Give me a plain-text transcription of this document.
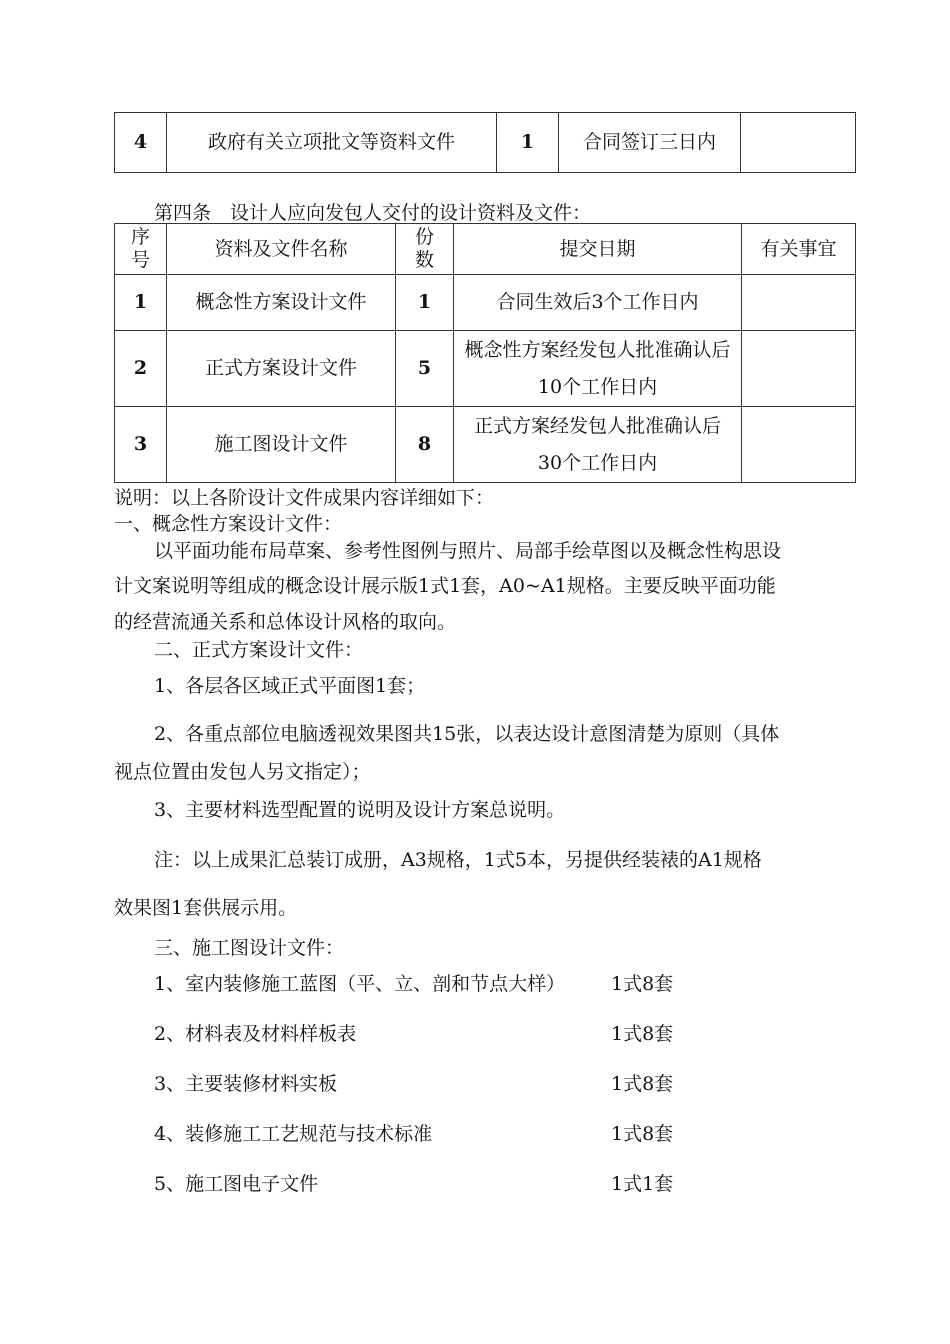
4	政府有关立项批文等资料文件	1	合同签订三日内	
第四条　设计人应向发包人交付的设计资料及文件：
序号	资料及文件名称	份数	提交日期	有关事宜
1	概念性方案设计文件	1	合同生效后3个工作日内	
2	正式方案设计文件	5	概念性方案经发包人批准确认后10个工作日内	

3	施工图设计文件	8	正式方案经发包人批准确认后30个工作日内	

说明：以上各阶设计文件成果内容详细如下：
一、概念性方案设计文件：
以平面功能布局草案、参考性图例与照片、局部手绘草图以及概念性构思设
计文案说明等组成的概念设计展示版1式1套，A0~A1规格。主要反映平面功能
的经营流通关系和总体设计风格的取向。
二、正式方案设计文件：
1、各层各区域正式平面图1套；
2、各重点部位电脑透视效果图共15张，以表达设计意图清楚为原则（具体
视点位置由发包人另文指定）；
3、主要材料选型配置的说明及设计方案总说明。
注：以上成果汇总装订成册，A3规格，1式5本，另提供经装裱的A1规格
效果图1套供展示用。
三、施工图设计文件：
1、室内装修施工蓝图（平、立、剖和节点大样） 1式8套
2、材料表及材料样板表	1式8套
3、主要装修材料实板	1式8套
4、装修施工工艺规范与技术标准	1式8套
5、施工图电子文件	1式1套
